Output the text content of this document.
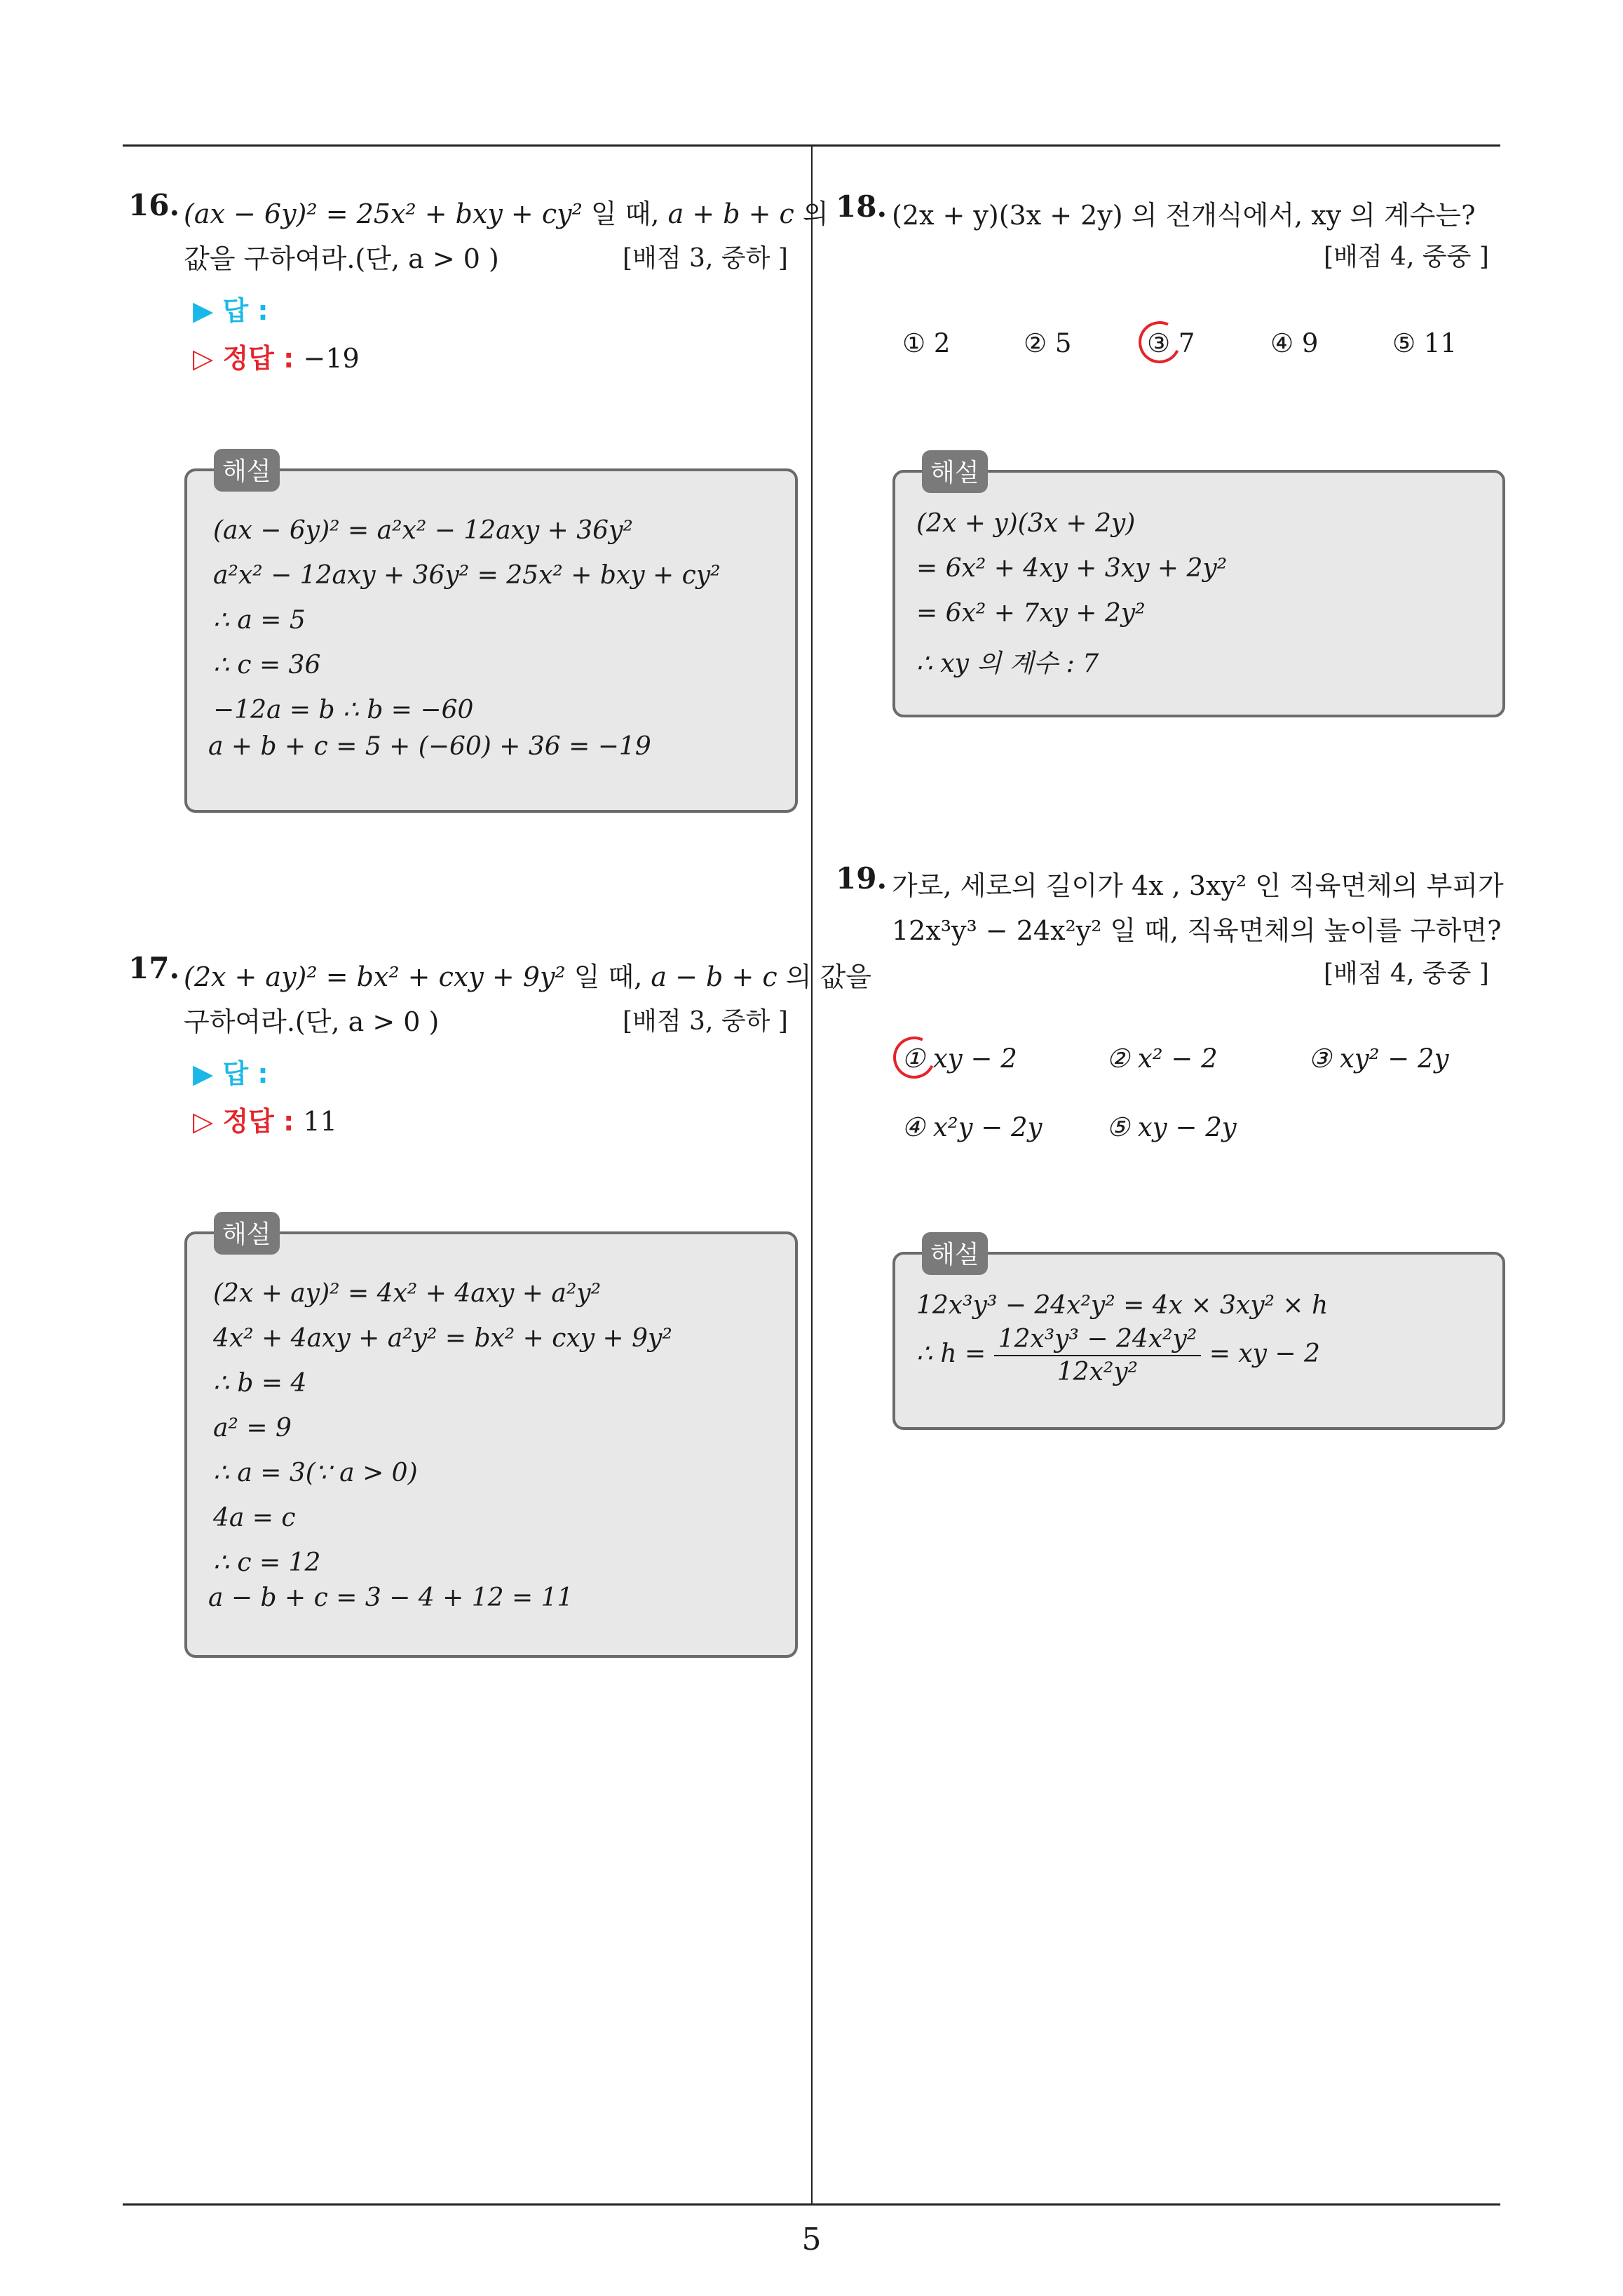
5
16. (ax − 6y)² = 25x² + bxy + cy² 일 때, a + b + c 의
값을 구하여라.(단, a > 0 )	[배점 3, 중하 ]
▶ 답 :
▷ 정답 : −19
해설
(ax − 6y)² = a²x² − 12axy + 36y²
a²x² − 12axy + 36y² = 25x² + bxy + cy²
∴ a = 5
∴ c = 36
−12a = b ∴ b = −60
a + b + c = 5 + (−60) + 36 = −19
17. (2x + ay)² = bx² + cxy + 9y² 일 때, a − b + c 의 값을
구하여라.(단, a > 0 )	[배점 3, 중하 ]
▶ 답 :
▷ 정답 : 11
해설
(2x + ay)² = 4x² + 4axy + a²y²
4x² + 4axy + a²y² = bx² + cxy + 9y²
∴ b = 4
a² = 9
∴ a = 3(∵ a > 0)
4a = c
∴ c = 12
a − b + c = 3 − 4 + 12 = 11
18. (2x + y)(3x + 2y) 의 전개식에서, xy 의 계수는?
[배점 4, 중중 ]
① 2	② 5	③ 7	④ 9	⑤ 11
해설
(2x + y)(3x + 2y)
= 6x² + 4xy + 3xy + 2y²
= 6x² + 7xy + 2y²
∴ xy 의 계수 : 7
19. 가로, 세로의 길이가 4x , 3xy² 인 직육면체의 부피가
12x³y³ − 24x²y² 일 때, 직육면체의 높이를 구하면?
[배점 4, 중중 ]
① xy − 2	② x² − 2	③ xy² − 2y
④ x²y − 2y ⑤ xy − 2y
해설
12x³y³ − 24x²y² = 4x × 3xy² × h
∴ $h = \frac{\text{12x³y³ − 24x²y²}}{\text{12x²y²}}$ = xy − 2
